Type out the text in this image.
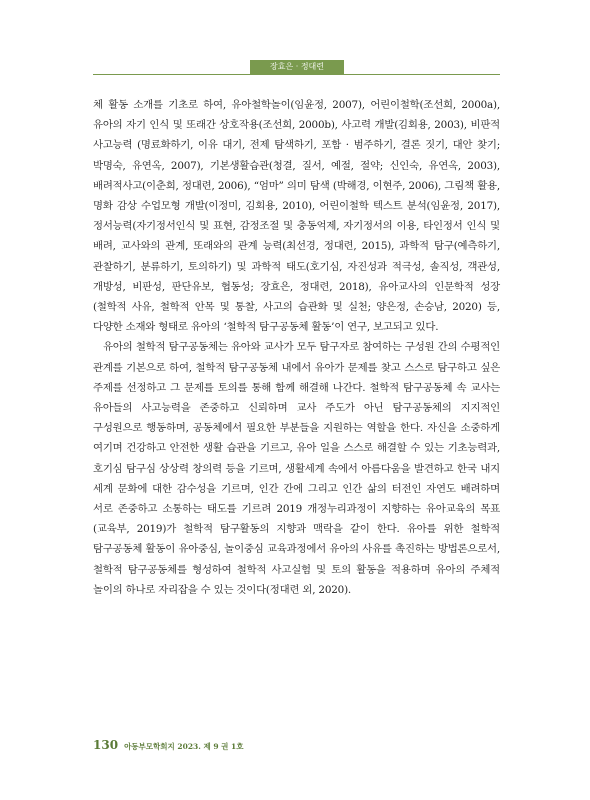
장효은 · 정대련

체 활동 소개를 기초로 하여, 유아철학놀이(임윤정, 2007), 어린이철학(조선희, 2000a), 유아의 자기 인식 및 또래간 상호작용(조선희, 2000b), 사고력 개발(김회용, 2003), 비판적 사고능력 (명료화하기, 이유 대기, 전제 탐색하기, 포함 · 범주하기, 결론 짓기, 대안 찾기; 박명숙, 유연옥, 2007), 기본생활습관(청결, 질서, 예절, 절약; 신인숙, 유연옥, 2003), 배려적사고(이춘희, 정대련, 2006), “엄마” 의미 탐색 (박해경, 이현주, 2006), 그림책 활용, 명화 감상 수업모형 개발(이정미, 김회용, 2010), 어린이철학 텍스트 분석(임윤정, 2017), 정서능력(자기정서인식 및 표현, 감정조절 및 충동억제, 자기정서의 이용, 타인정서 인식 및 배려, 교사와의 관계, 또래와의 관계 능력(최선경, 정대련, 2015), 과학적 탐구(예측하기, 관찰하기, 분류하기, 토의하기) 및 과학적 태도(호기심, 자진성과 적극성, 솔직성, 객관성, 개방성, 비판성, 판단유보, 협동성; 장효은, 정대련, 2018), 유아교사의 인문학적 성장 (철학적 사유, 철학적 안목 및 통찰, 사고의 습관화 및 실천; 양은정, 손승남, 2020) 등, 다양한 소재와 형태로 유아의 ‘철학적 탐구공동체 활동’이 연구, 보고되고 있다.

유아의 철학적 탐구공동체는 유아와 교사가 모두 탐구자로 참여하는 구성원 간의 수평적인 관계를 기본으로 하여, 철학적 탐구공동체 내에서 유아가 문제를 찾고 스스로 탐구하고 싶은 주제를 선정하고 그 문제를 토의를 통해 함께 해결해 나간다. 철학적 탐구공동체 속 교사는 유아들의 사고능력을 존중하고 신뢰하며 교사 주도가 아닌 탐구공동체의 지지적인 구성원으로 행동하며, 공동체에서 필요한 부분들을 지원하는 역할을 한다. 자신을 소중하게 여기며 건강하고 안전한 생활 습관을 기르고, 유아 일을 스스로 해결할 수 있는 기초능력과, 호기심 탐구심 상상력 창의력 등을 기르며, 생활세계 속에서 아름다움을 발견하고 한국 내지 세계 문화에 대한 감수성을 기르며, 인간 간에 그리고 인간 삶의 터전인 자연도 배려하며 서로 존중하고 소통하는 태도를 기르려 2019 개정누리과정이 지향하는 유아교육의 목표(교육부, 2019)가 철학적 탐구활동의 지향과 맥락을 같이 한다. 유아를 위한 철학적 탐구공동체 활동이 유아중심, 놀이중심 교육과정에서 유아의 사유를 촉진하는 방법론으로서, 철학적 탐구공동체를 형성하여 철학적 사고실험 및 토의 활동을 적용하며 유아의 주체적 놀이의 하나로 자리잡을 수 있는 것이다(정대련 외, 2020).

130 아동부모학회지 2023. 제 9 권 1호
